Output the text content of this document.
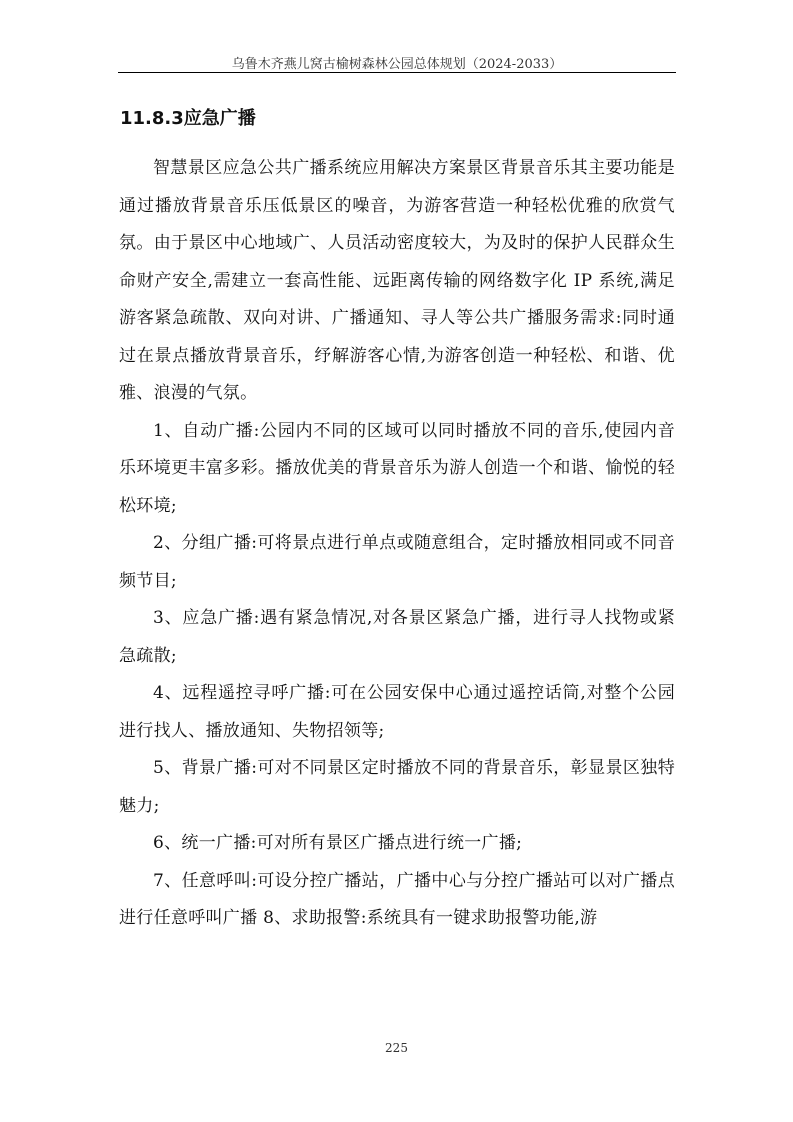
乌鲁木齐燕儿窝古榆树森林公园总体规划（2024-2033）
11.8.3应急广播

智慧景区应急公共广播系统应用解决方案景区背景音乐其主要功能是通过播放背景音乐压低景区的噪音，为游客营造一种轻松优雅的欣赏气氛。由于景区中心地域广、人员活动密度较大，为及时的保护人民群众生命财产安全,需建立一套高性能、远距离传输的网络数字化 IP 系统,满足游客紧急疏散、双向对讲、广播通知、寻人等公共广播服务需求:同时通过在景点播放背景音乐，纾解游客心情,为游客创造一种轻松、和谐、优雅、浪漫的气氛。

1、自动广播:公园内不同的区域可以同时播放不同的音乐,使园内音乐环境更丰富多彩。播放优美的背景音乐为游人创造一个和谐、愉悦的轻松环境;

2、分组广播:可将景点进行单点或随意组合，定时播放相同或不同音频节目;

3、应急广播:遇有紧急情况,对各景区紧急广播，进行寻人找物或紧急疏散;

4、远程遥控寻呼广播:可在公园安保中心通过遥控话筒,对整个公园进行找人、播放通知、失物招领等;

5、背景广播:可对不同景区定时播放不同的背景音乐，彰显景区独特魅力;

6、统一广播:可对所有景区广播点进行统一广播;

7、任意呼叫:可设分控广播站，广播中心与分控广播站可以对广播点进行任意呼叫广播 8、求助报警:系统具有一键求助报警功能,游

225
